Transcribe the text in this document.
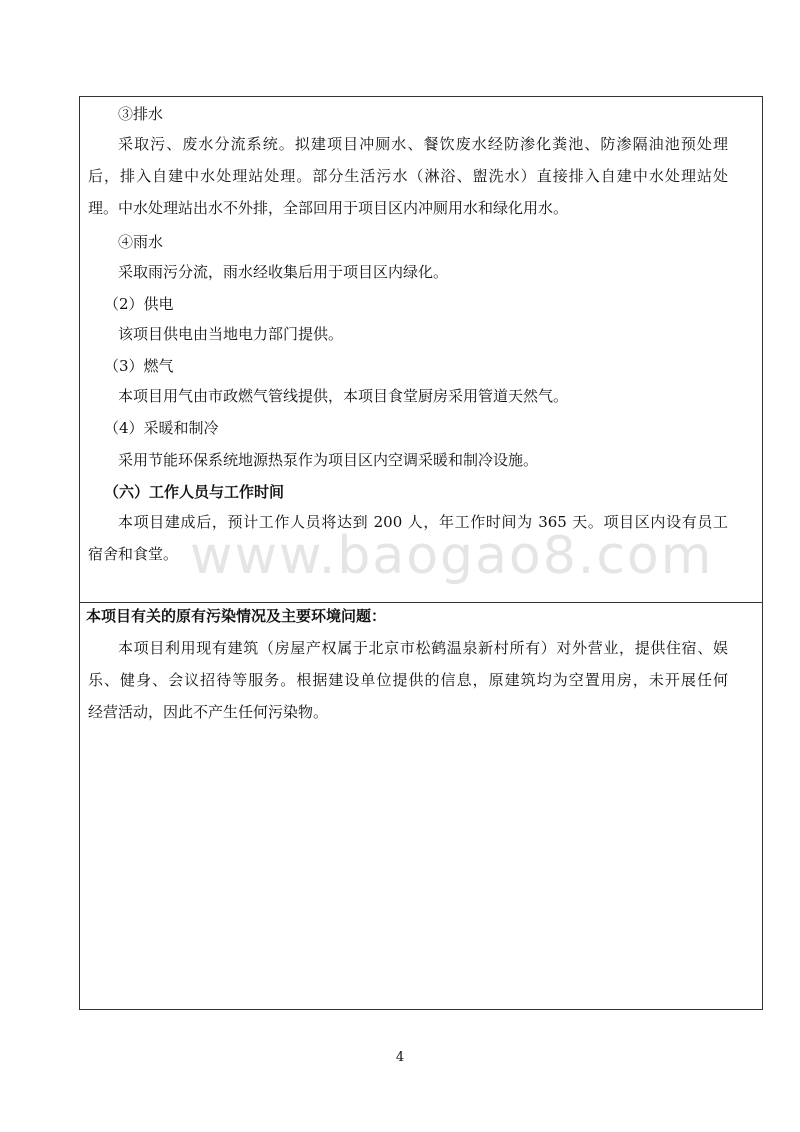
www.baogao8.com
③排水
采取污、废水分流系统。拟建项目冲厕水、餐饮废水经防渗化粪池、防渗隔油池预处理
后，排入自建中水处理站处理。部分生活污水（淋浴、盥洗水）直接排入自建中水处理站处
理。中水处理站出水不外排，全部回用于项目区内冲厕用水和绿化用水。
④雨水
采取雨污分流，雨水经收集后用于项目区内绿化。
（2）供电
该项目供电由当地电力部门提供。
（3）燃气
本项目用气由市政燃气管线提供，本项目食堂厨房采用管道天然气。
（4）采暖和制冷
采用节能环保系统地源热泵作为项目区内空调采暖和制冷设施。
（六）工作人员与工作时间
本项目建成后，预计工作人员将达到 200 人，年工作时间为 365 天。项目区内设有员工
宿舍和食堂。
本项目有关的原有污染情况及主要环境问题：
本项目利用现有建筑（房屋产权属于北京市松鹤温泉新村所有）对外营业，提供住宿、娱
乐、健身、会议招待等服务。根据建设单位提供的信息，原建筑均为空置用房，未开展任何
经营活动，因此不产生任何污染物。
4
